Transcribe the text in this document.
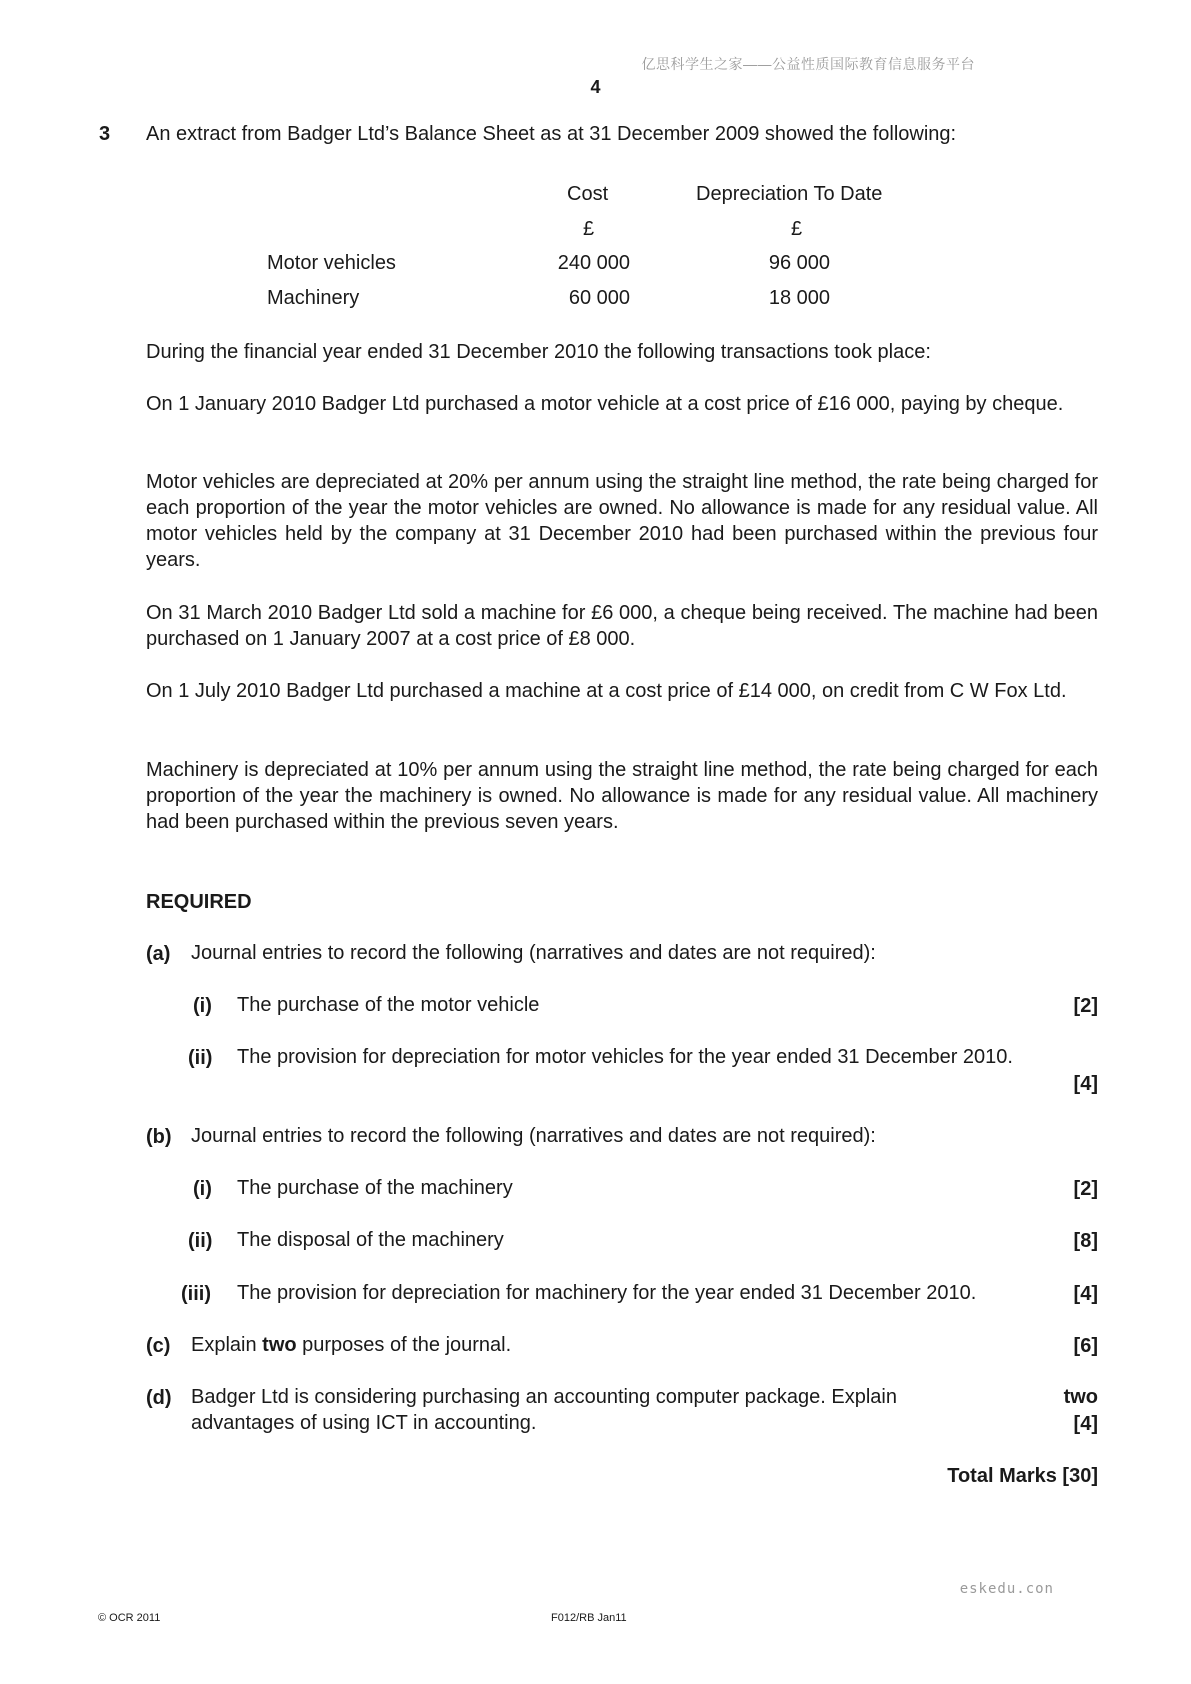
亿思科学生之家——公益性质国际教育信息服务平台
4
3 An extract from Badger Ltd’s Balance Sheet as at 31 December 2009 showed the following:
Cost	Depreciation To Date
£	£
Motor vehicles	240 000	96 000
Machinery	60 000	18 000
During the financial year ended 31 December 2010 the following transactions took place:
On 1 January 2010 Badger Ltd purchased a motor vehicle at a cost price of £16 000, paying by cheque.
Motor vehicles are depreciated at 20% per annum using the straight line method, the rate being charged for each proportion of the year the motor vehicles are owned. No allowance is made for any residual value. All motor vehicles held by the company at 31 December 2010 had been purchased within the previous four years.
On 31 March 2010 Badger Ltd sold a machine for £6 000, a cheque being received. The machine had been purchased on 1 January 2007 at a cost price of £8 000.
On 1 July 2010 Badger Ltd purchased a machine at a cost price of £14 000, on credit from C W Fox Ltd.
Machinery is depreciated at 10% per annum using the straight line method, the rate being charged for each proportion of the year the machinery is owned. No allowance is made for any residual value. All machinery had been purchased within the previous seven years.
REQUIRED
(a) Journal entries to record the following (narratives and dates are not required):
(i) The purchase of the motor vehicle	[2]
(ii) The provision for depreciation for motor vehicles for the year ended 31 December 2010.
[4]
(b) Journal entries to record the following (narratives and dates are not required):
(i) The purchase of the machinery	[2]
(ii) The disposal of the machinery	[8]
(iii) The provision for depreciation for machinery for the year ended 31 December 2010.	[4]
(c) Explain two purposes of the journal.	[6]
(d) Badger Ltd is considering purchasing an accounting computer package. Explain	two
advantages of using ICT in accounting.	[4]
Total Marks [30]
eskedu.con
© OCR 2011	F012/RB Jan11
